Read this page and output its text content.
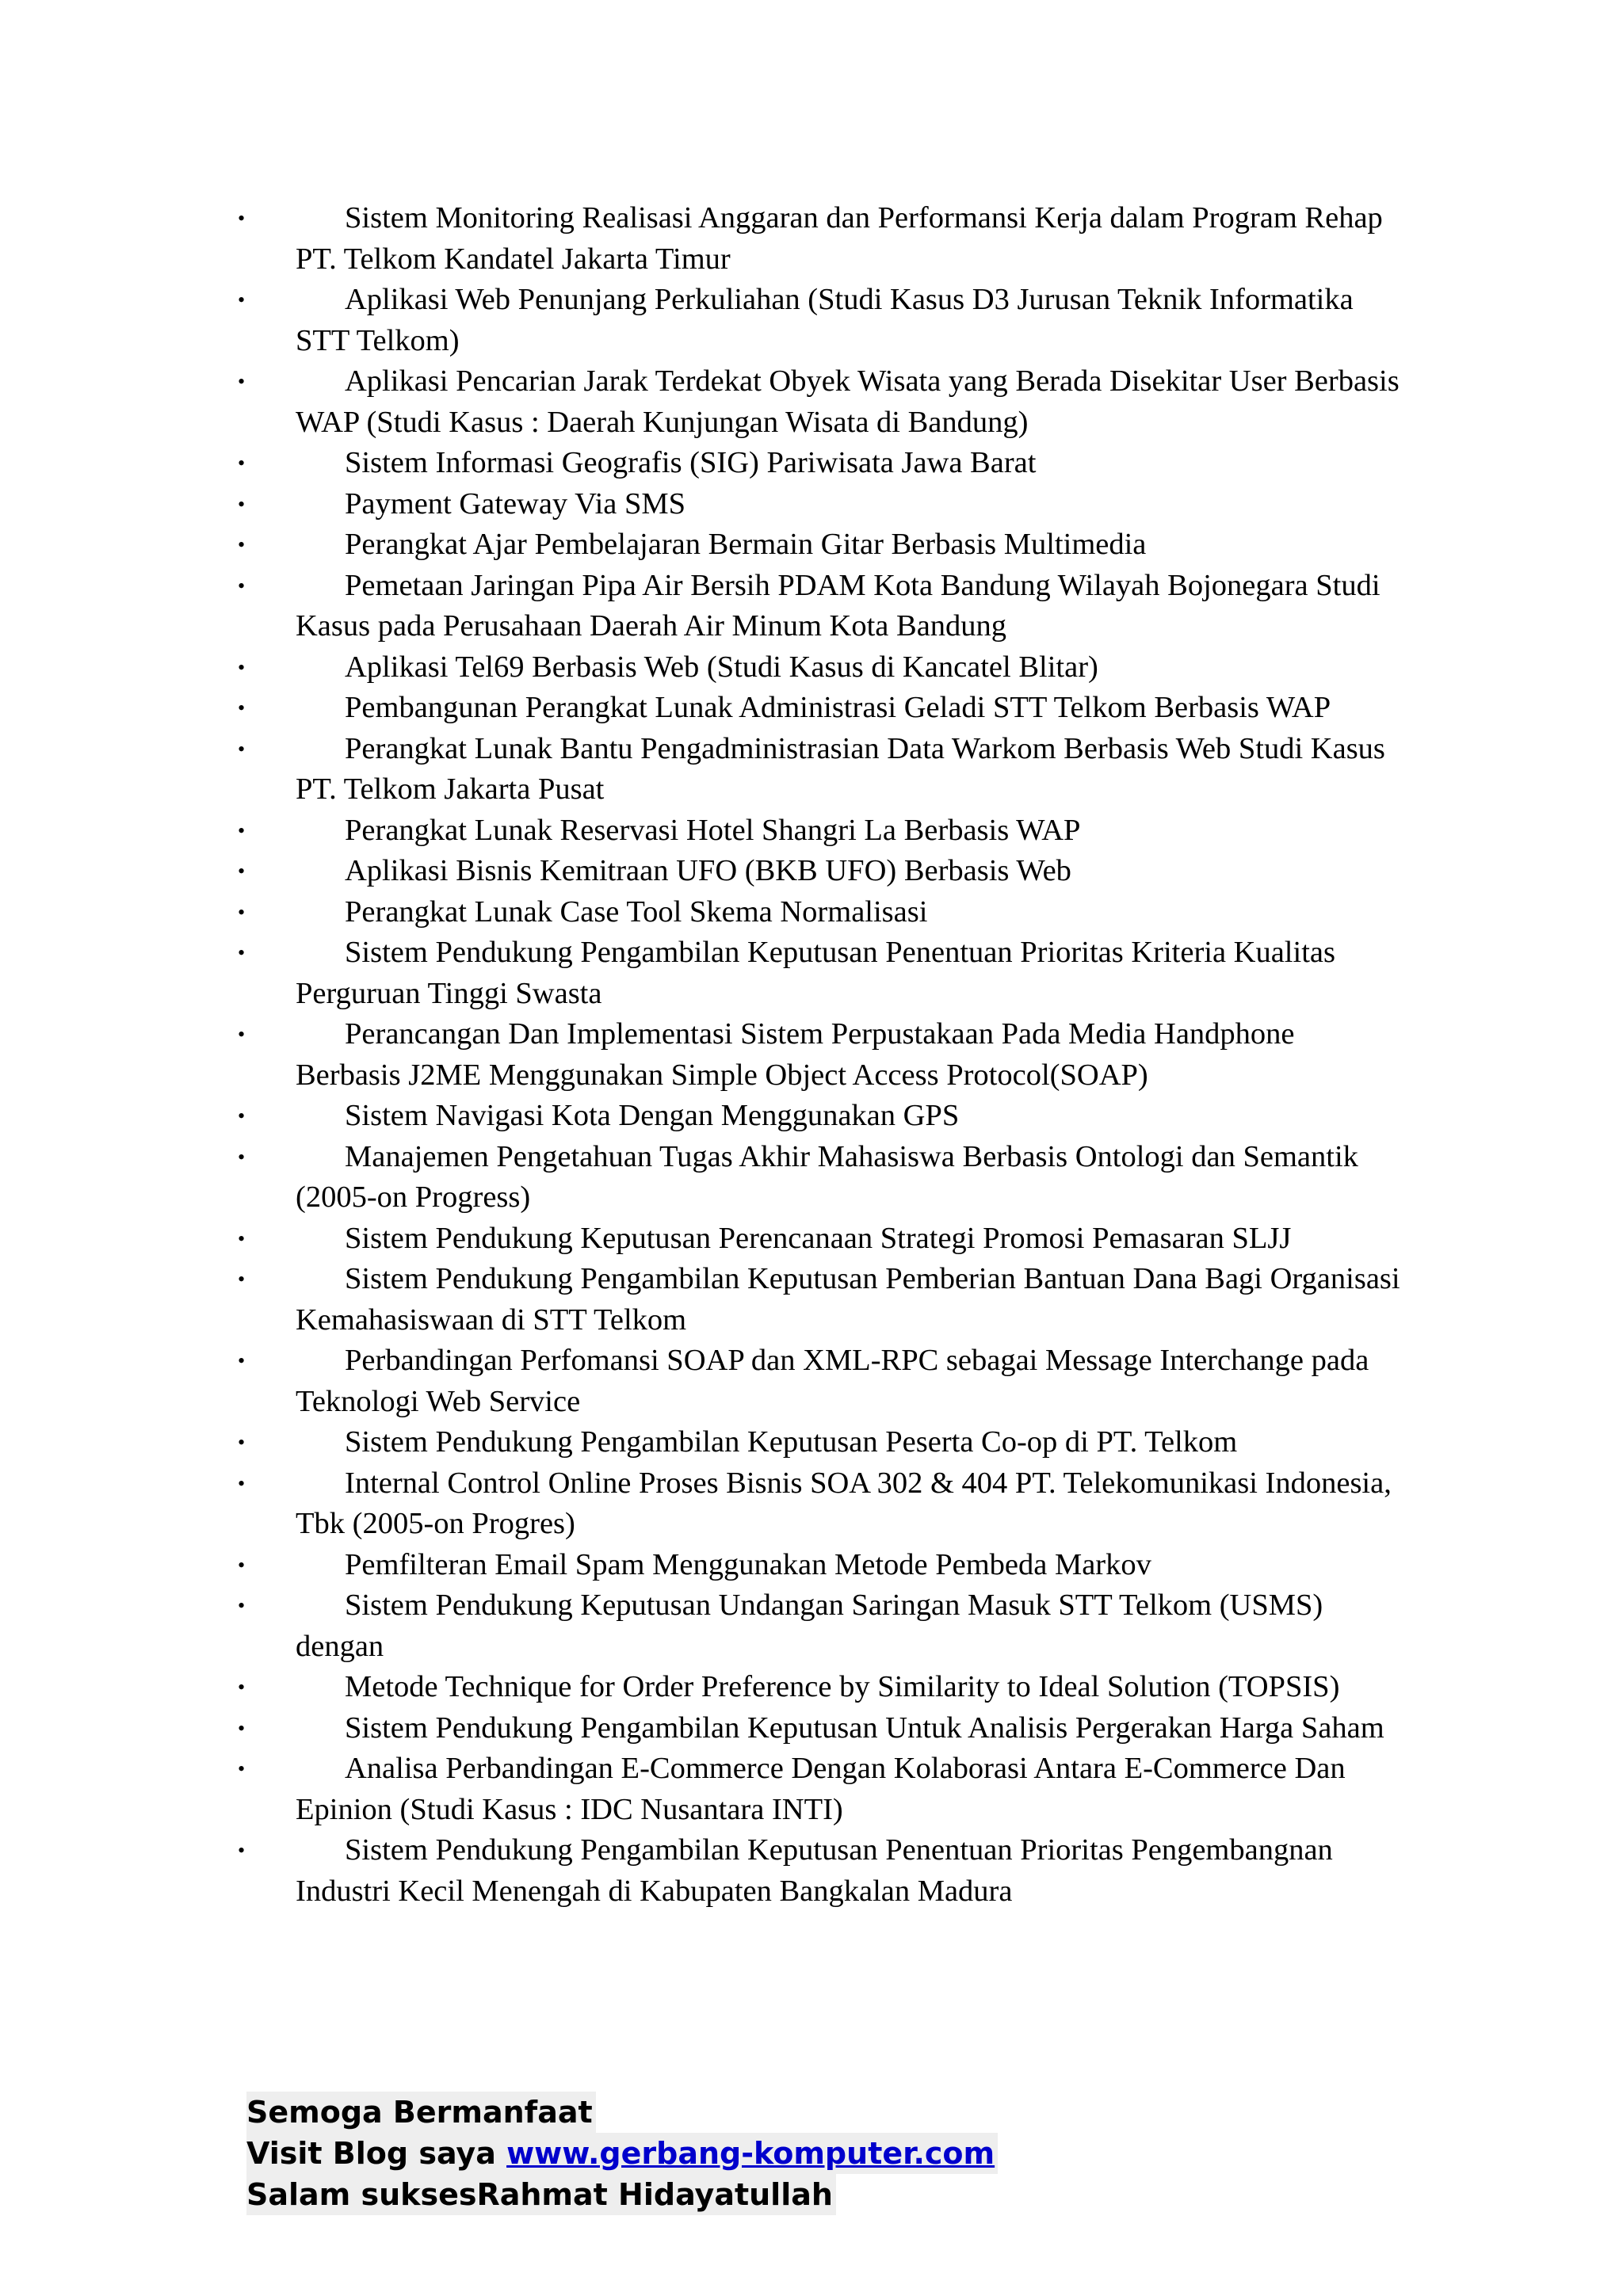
•	Sistem Monitoring Realisasi Anggaran dan Performansi Kerja dalam Program Rehap PT. Telkom Kandatel Jakarta Timur
•	Aplikasi Web Penunjang Perkuliahan (Studi Kasus D3 Jurusan Teknik Informatika STT Telkom)
•	Aplikasi Pencarian Jarak Terdekat Obyek Wisata yang Berada Disekitar User Berbasis WAP (Studi Kasus : Daerah Kunjungan Wisata di Bandung)
•	Sistem Informasi Geografis (SIG) Pariwisata Jawa Barat
•	Payment Gateway Via SMS
•	Perangkat Ajar Pembelajaran Bermain Gitar Berbasis Multimedia
•	Pemetaan Jaringan Pipa Air Bersih PDAM Kota Bandung Wilayah Bojonegara Studi Kasus pada Perusahaan Daerah Air Minum Kota Bandung
•	Aplikasi Tel69 Berbasis Web (Studi Kasus di Kancatel Blitar)
•	Pembangunan Perangkat Lunak Administrasi Geladi STT Telkom Berbasis WAP
•	Perangkat Lunak Bantu Pengadministrasian Data Warkom Berbasis Web Studi Kasus PT. Telkom Jakarta Pusat
•	Perangkat Lunak Reservasi Hotel Shangri La Berbasis WAP
•	Aplikasi Bisnis Kemitraan UFO (BKB UFO) Berbasis Web
•	Perangkat Lunak Case Tool Skema Normalisasi
•	Sistem Pendukung Pengambilan Keputusan Penentuan Prioritas Kriteria Kualitas Perguruan Tinggi Swasta
•	Perancangan Dan Implementasi Sistem Perpustakaan Pada Media Handphone Berbasis J2ME Menggunakan Simple Object Access Protocol(SOAP)
•	Sistem Navigasi Kota Dengan Menggunakan GPS
•	Manajemen Pengetahuan Tugas Akhir Mahasiswa Berbasis Ontologi dan Semantik (2005-on Progress)
•	Sistem Pendukung Keputusan Perencanaan Strategi Promosi Pemasaran SLJJ
•	Sistem Pendukung Pengambilan Keputusan Pemberian Bantuan Dana Bagi Organisasi Kemahasiswaan di STT Telkom
•	Perbandingan Perfomansi SOAP dan XML-RPC sebagai Message Interchange pada Teknologi Web Service
•	Sistem Pendukung Pengambilan Keputusan Peserta Co-op di PT. Telkom
•	Internal Control Online Proses Bisnis SOA 302 & 404 PT. Telekomunikasi Indonesia, Tbk (2005-on Progres)
•	Pemfilteran Email Spam Menggunakan Metode Pembeda Markov
•	Sistem Pendukung Keputusan Undangan Saringan Masuk STT Telkom (USMS) dengan
•	Metode Technique for Order Preference by Similarity to Ideal Solution (TOPSIS)
•	Sistem Pendukung Pengambilan Keputusan Untuk Analisis Pergerakan Harga Saham
•	Analisa Perbandingan E-Commerce Dengan Kolaborasi Antara E-Commerce Dan Epinion (Studi Kasus : IDC Nusantara INTI)
•	Sistem Pendukung Pengambilan Keputusan Penentuan Prioritas Pengembangnan Industri Kecil Menengah di Kabupaten Bangkalan Madura
Semoga Bermanfaat
Visit Blog saya www.gerbang-komputer.com
Salam suksesRahmat Hidayatullah
